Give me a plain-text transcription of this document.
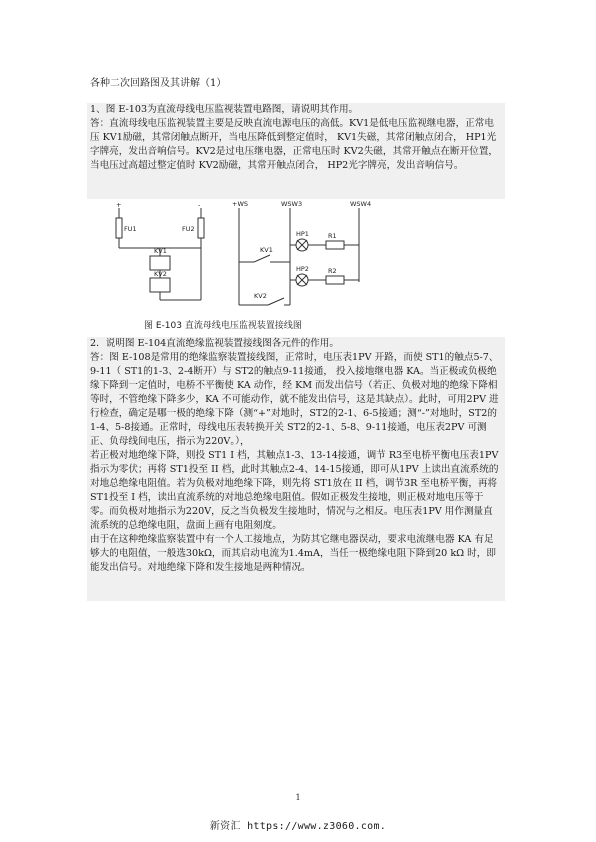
各种二次回路图及其讲解（1）

1、图 E-103为直流母线电压监视装置电路图，请说明其作用。

答：直流母线电压监视装置主要是反映直流电源电压的高低。KV1是低电压监视继电器，正常电压 KV1励磁，其常闭触点断开，当电压降低到整定值时， KV1失磁，其常闭触点闭合， HP1光字牌亮，发出音响信号。KV2是过电压继电器，正常电压时 KV2失磁，其常开触点在断开位置，当电压过高超过整定值时 KV2励磁，其常开触点闭合， HP2光字牌亮，发出音响信号。

+	-	+WS	WSW3	WSW4
FU1	FU2
KV1
KV2
KV1
KV2
HP1
HP2
R1
R2
图 E-103 直流母线电压监视装置接线图

2．说明图 E-104直流绝缘监视装置接线图各元件的作用。

答：图 E-108是常用的绝缘监察装置接线图，正常时，电压表1PV 开路，而使 ST1的触点5-7、9-11（ ST1的1-3、2-4断开）与 ST2的触点9-11接通， 投入接地继电器 KA。当正极或负极绝缘下降到一定值时，电桥不平衡使 KA 动作，经 KM 而发出信号（若正、负极对地的绝缘下降相等时，不管绝缘下降多少，KA 不可能动作，就不能发出信号，这是其缺点）。此时，可用2PV 进行检查，确定是哪一极的绝缘下降（测“+”对地时，ST2的2-1、6-5接通；测“-”对地时，ST2的1-4、5-8接通。正常时，母线电压表转换开关 ST2的2-1、5-8、9-11接通，电压表2PV 可测正、负母线间电压，指示为220V。），

若正极对地绝缘下降，则投 ST1 I 档，其触点1-3、13-14接通，调节 R3至电桥平衡电压表1PV 指示为零伏；再将 ST1投至 II 档，此时其触点2-4、14-15接通，即可从1PV 上读出直流系统的对地总绝缘电阻值。若为负极对地绝缘下降，则先将 ST1放在 II 档，调节3R 至电桥平衡，再将 ST1投至 I 档，读出直流系统的对地总绝缘电阻值。假如正极发生接地，则正极对地电压等于零。而负极对地指示为220V，反之当负极发生接地时，情况与之相反。电压表1PV 用作测量直流系统的总绝缘电阻，盘面上画有电阻刻度。

由于在这种绝缘监察装置中有一个人工接地点，为防其它继电器误动，要求电流继电器 KA 有足够大的电阻值，一般选30kΩ，而其启动电流为1.4mA，当任一极绝缘电阻下降到20 kΩ 时，即能发出信号。对地绝缘下降和发生接地是两种情况。

1
新资汇 https://www.z3060.com.
